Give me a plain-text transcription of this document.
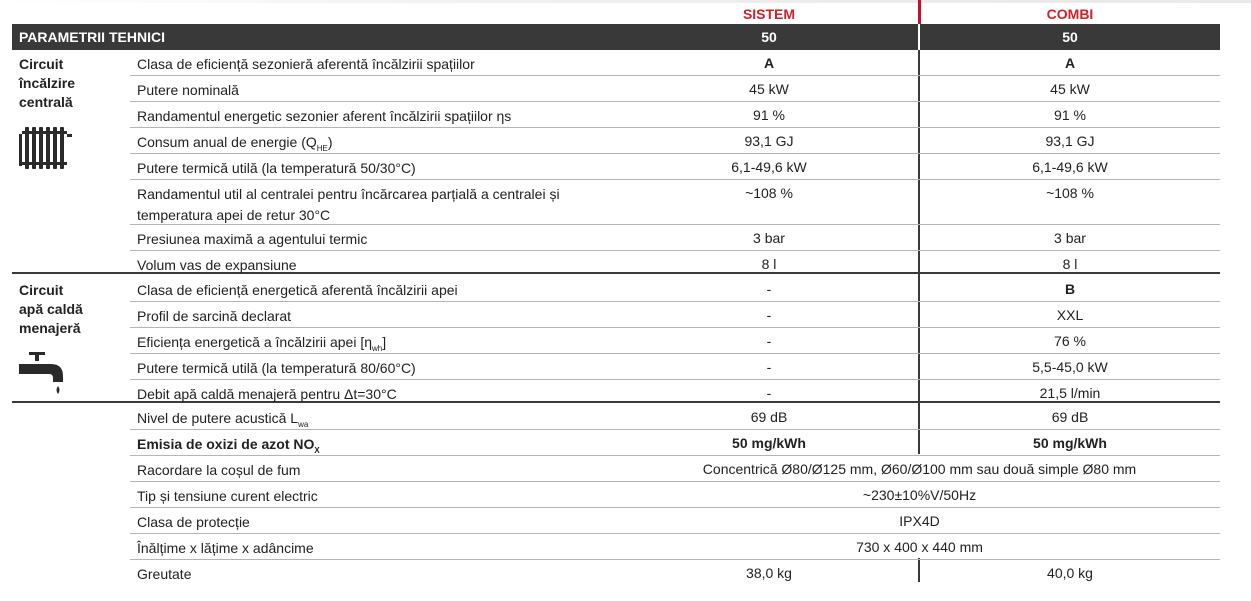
SISTEM	COMBI
PARAMETRII TEHNICI	50	50
Circuit
încălzire
centrală
Circuit
apă caldă
menajeră
Clasa de eficiență sezonieră aferentă încălzirii spațiilor	A	A
Putere nominală	45 kW	45 kW
Randamentul energetic sezonier aferent încălzirii spațiilor ηs	91 %	91 %
Consum anual de energie $(Q_{HE})$	93,1 GJ	93,1 GJ
Putere termică utilă (la temperatură 50/30°C)	6,1-49,6 kW	6,1-49,6 kW
Randamentul util al centralei pentru încărcarea parțială a centralei și
temperatura apei de retur 30°C
~108 %	~108 %
Presiunea maximă a agentului termic	3 bar	3 bar
Volum vas de expansiune	8 l	8 l
Clasa de eficiență energetică aferentă încălzirii apei	-	B
Profil de sarcină declarat	-	XXL
Eficiența energetică a încălzirii apei $[\eta_{wh}]$	-	76 %
Putere termică utilă (la temperatură 80/60°C)	-	5,5-45,0 kW
Debit apă caldă menajeră pentru Δt=30°C	-	21,5 l/min
Nivel de putere acustică $L_{wa}$	69 dB	69 dB
Emisia de oxizi de azot $NO_X$	50 mg/kWh	50 mg/kWh
Racordare la coșul de fum	Concentrică Ø80/Ø125 mm, Ø60/Ø100 mm sau două simple Ø80 mm
Tip și tensiune curent electric	~230±10%V/50Hz
Clasa de protecție	IPX4D
Înălțime x lățime x adâncime	730 x 400 x 440 mm
Greutate	38,0 kg	40,0 kg
